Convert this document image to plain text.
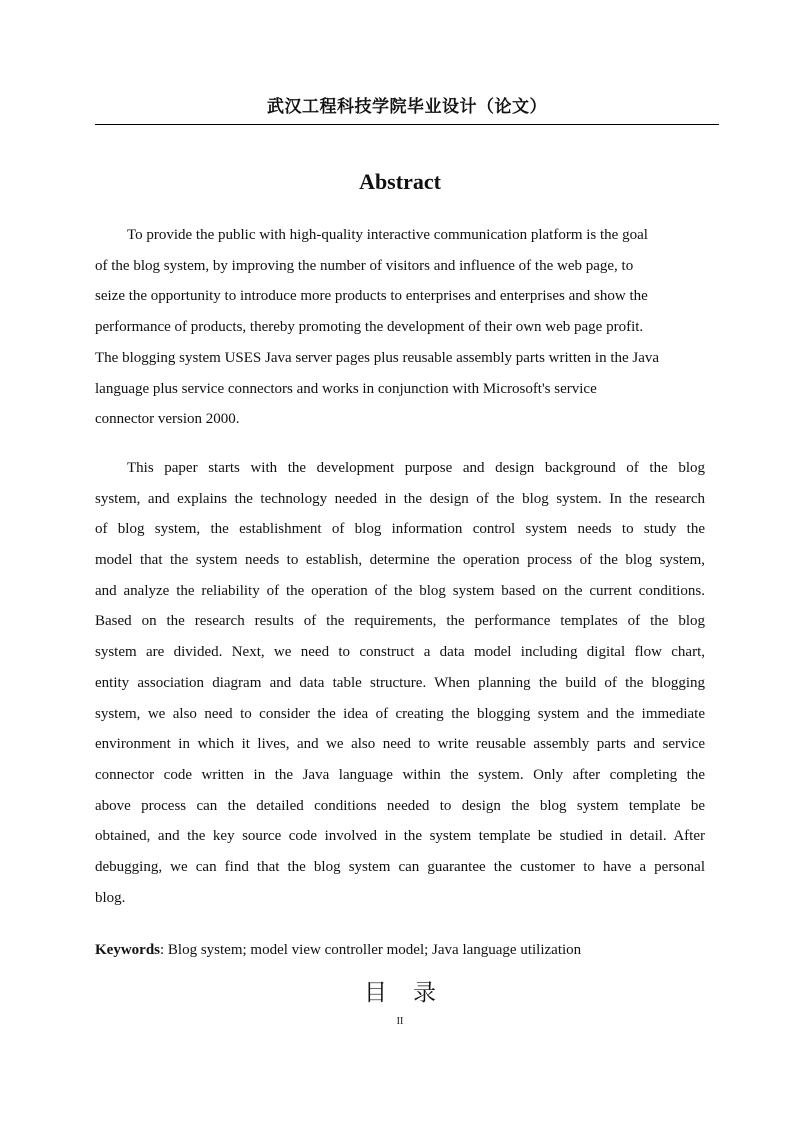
武汉工程科技学院毕业设计（论文）
Abstract
To provide the public with high-quality interactive communication platform is the goal
of the blog system, by improving the number of visitors and influence of the web page, to
seize the opportunity to introduce more products to enterprises and enterprises and show the
performance of products, thereby promoting the development of their own web page profit.
The blogging system USES Java server pages plus reusable assembly parts written in the Java
language plus service connectors and works in conjunction with Microsoft's service
connector version 2000.
This paper starts with the development purpose and design background of the blog
system, and explains the technology needed in the design of the blog system. In the research
of blog system, the establishment of blog information control system needs to study the
model that the system needs to establish, determine the operation process of the blog system,
and analyze the reliability of the operation of the blog system based on the current conditions.
Based on the research results of the requirements, the performance templates of the blog
system are divided. Next, we need to construct a data model including digital flow chart,
entity association diagram and data table structure. When planning the build of the blogging
system, we also need to consider the idea of creating the blogging system and the immediate
environment in which it lives, and we also need to write reusable assembly parts and service
connector code written in the Java language within the system. Only after completing the
above process can the detailed conditions needed to design the blog system template be
obtained, and the key source code involved in the system template be studied in detail. After
debugging, we can find that the blog system can guarantee the customer to have a personal
blog.
Keywords: Blog system; model view controller model; Java language utilization
目录
II
